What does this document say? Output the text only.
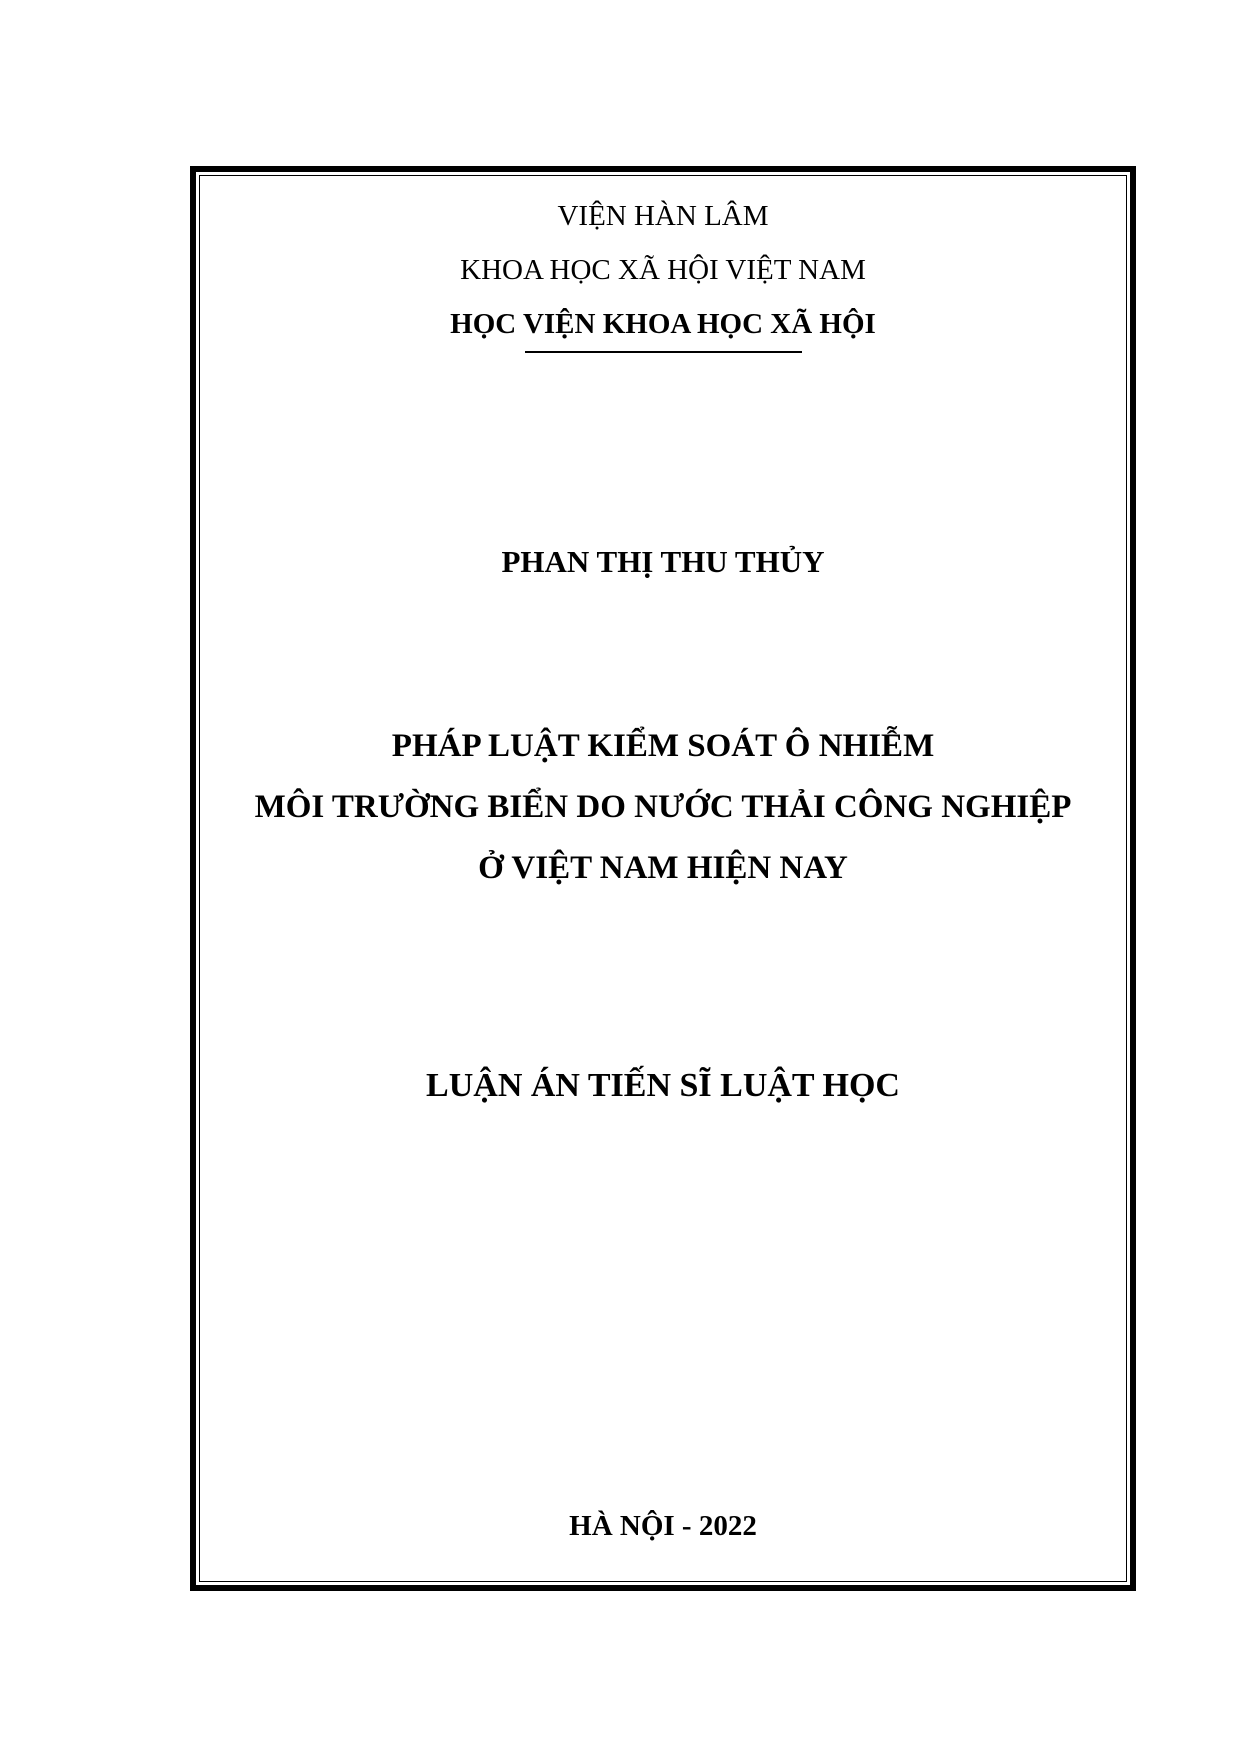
VIỆN HÀN LÂM
KHOA HỌC XÃ HỘI VIỆT NAM
HỌC VIỆN KHOA HỌC XÃ HỘI
PHAN THỊ THU THỦY
PHÁP LUẬT KIỂM SOÁT Ô NHIỄM
MÔI TRƯỜNG BIỂN DO NƯỚC THẢI CÔNG NGHIỆP
Ở VIỆT NAM HIỆN NAY
LUẬN ÁN TIẾN SĨ LUẬT HỌC
HÀ NỘI - 2022
